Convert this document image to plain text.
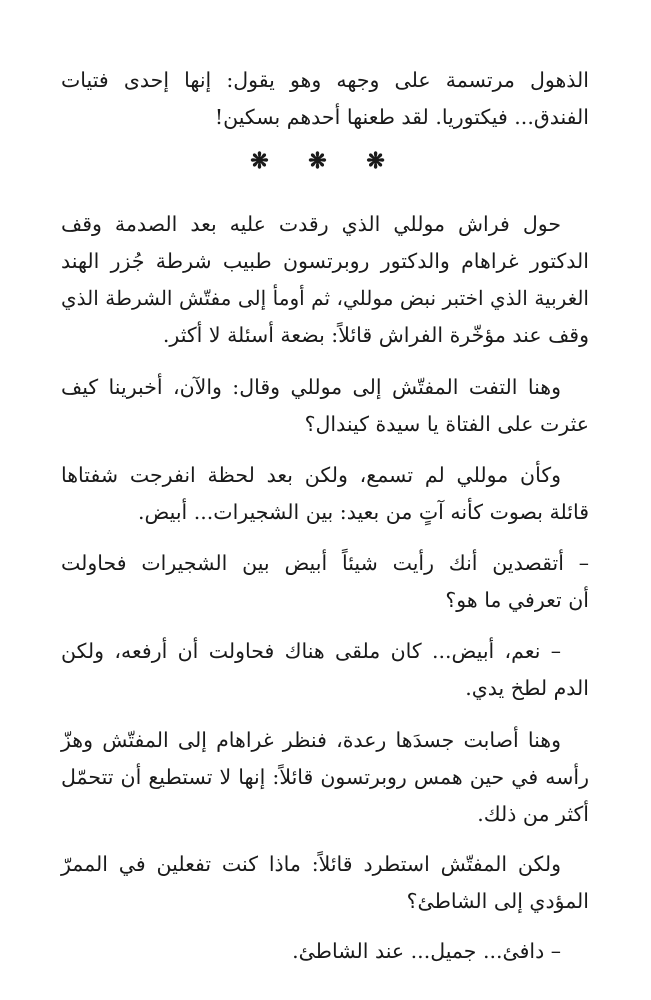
الذهول مرتسمة على وجهه وهو يقول: إنها إحدى فتيات
الفندق... فيكتوريا. لقد طعنها أحدهم بسكين!

❋ ❋ ❋

حول فراش موللي الذي رقدت عليه بعد الصدمة وقف
الدكتور غراهام والدكتور روبرتسون طبيب شرطة جُزر الهند
الغربية الذي اختبر نبض موللي، ثم أومأ إلى مفتّش الشرطة الذي
وقف عند مؤخّرة الفراش قائلاً: بضعة أسئلة لا أكثر.

وهنا التفت المفتّش إلى موللي وقال: والآن، أخبرينا كيف
عثرت على الفتاة يا سيدة كيندال؟

وكأن موللي لم تسمع، ولكن بعد لحظة انفرجت شفتاها
قائلة بصوت كأنه آتٍ من بعيد: بين الشجيرات... أبيض.

– أتقصدين أنك رأيت شيئاً أبيض بين الشجيرات فحاولت
أن تعرفي ما هو؟

– نعم، أبيض... كان ملقى هناك فحاولت أن أرفعه، ولكن
الدم لطخ يدي.

وهنا أصابت جسدَها رعدة، فنظر غراهام إلى المفتّش وهزّ
رأسه في حين همس روبرتسون قائلاً: إنها لا تستطيع أن تتحمّل
أكثر من ذلك.

ولكن المفتّش استطرد قائلاً: ماذا كنت تفعلين في الممرّ
المؤدي إلى الشاطئ؟

– دافئ... جميل... عند الشاطئ.
